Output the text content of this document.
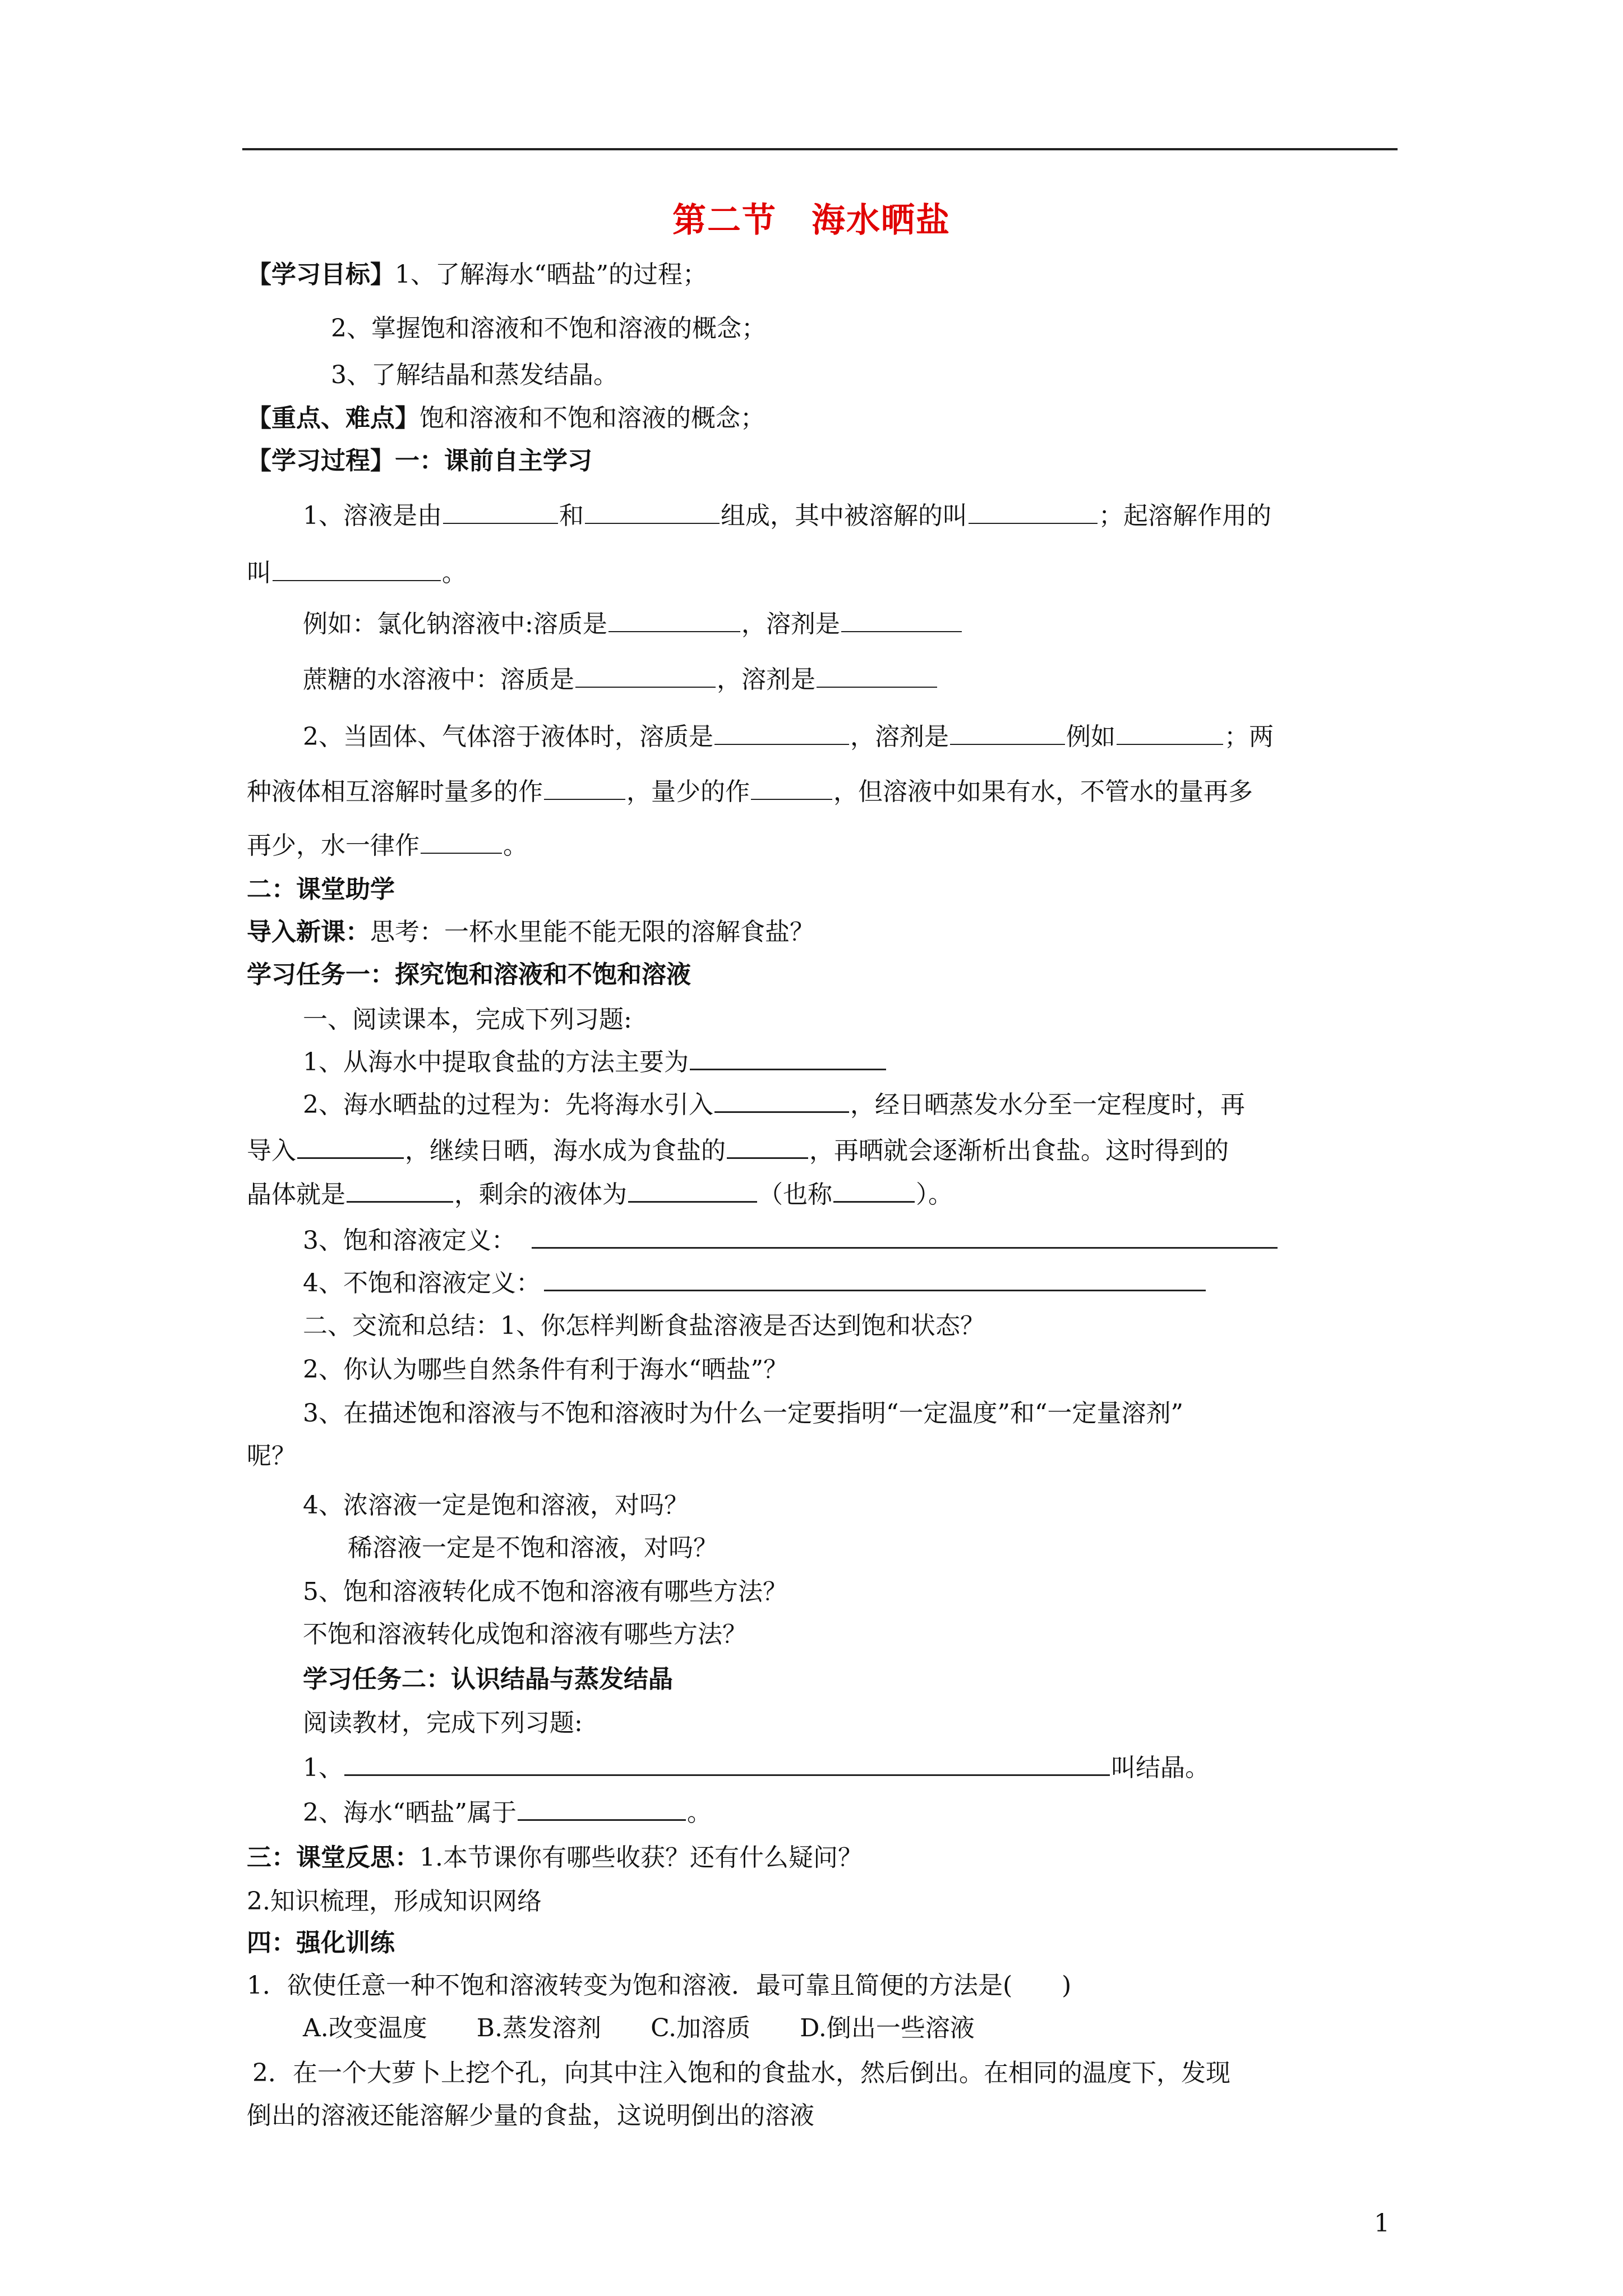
第二节　海水晒盐
【学习目标】1、了解海水“晒盐”的过程；
2、掌握饱和溶液和不饱和溶液的概念；
3、了解结晶和蒸发结晶。
【重点、难点】饱和溶液和不饱和溶液的概念；
【学习过程】一：课前自主学习
1、溶液是由	和	组成，其中被溶解的叫	；起溶解作用的
叫	。
例如：氯化钠溶液中:溶质是	，溶剂是
蔗糖的水溶液中：溶质是	，溶剂是
2、当固体、气体溶于液体时，溶质是	，溶剂是	例如	；两
种液体相互溶解时量多的作	，量少的作	，但溶液中如果有水，不管水的量再多
再少，水一律作	。
二：课堂助学
导入新课：思考：一杯水里能不能无限的溶解食盐？
学习任务一：探究饱和溶液和不饱和溶液
一、阅读课本，完成下列习题:
1、从海水中提取食盐的方法主要为
2、海水晒盐的过程为：先将海水引入	，经日晒蒸发水分至一定程度时，再
导入	，继续日晒，海水成为食盐的	，再晒就会逐渐析出食盐。这时得到的
晶体就是	，剩余的液体为	（也称	）。
3、饱和溶液定义：
4、不饱和溶液定义：
二、交流和总结：1、你怎样判断食盐溶液是否达到饱和状态？
2、你认为哪些自然条件有利于海水“晒盐”？
3、在描述饱和溶液与不饱和溶液时为什么一定要指明“一定温度”和“一定量溶剂”
呢？
4、浓溶液一定是饱和溶液，对吗？
稀溶液一定是不饱和溶液，对吗？
5、饱和溶液转化成不饱和溶液有哪些方法？
不饱和溶液转化成饱和溶液有哪些方法？
学习任务二：认识结晶与蒸发结晶
阅读教材，完成下列习题:
1、	叫结晶。
2、海水“晒盐”属于	。
三：课堂反思：1.本节课你有哪些收获？还有什么疑问？
2.知识梳理，形成知识网络
四：强化训练
1．欲使任意一种不饱和溶液转变为饱和溶液．最可靠且简便的方法是(　　)
A.改变温度　　B.蒸发溶剂　　C.加溶质　　D.倒出一些溶液
2．在一个大萝卜上挖个孔，向其中注入饱和的食盐水，然后倒出。在相同的温度下，发现
倒出的溶液还能溶解少量的食盐，这说明倒出的溶液
1
